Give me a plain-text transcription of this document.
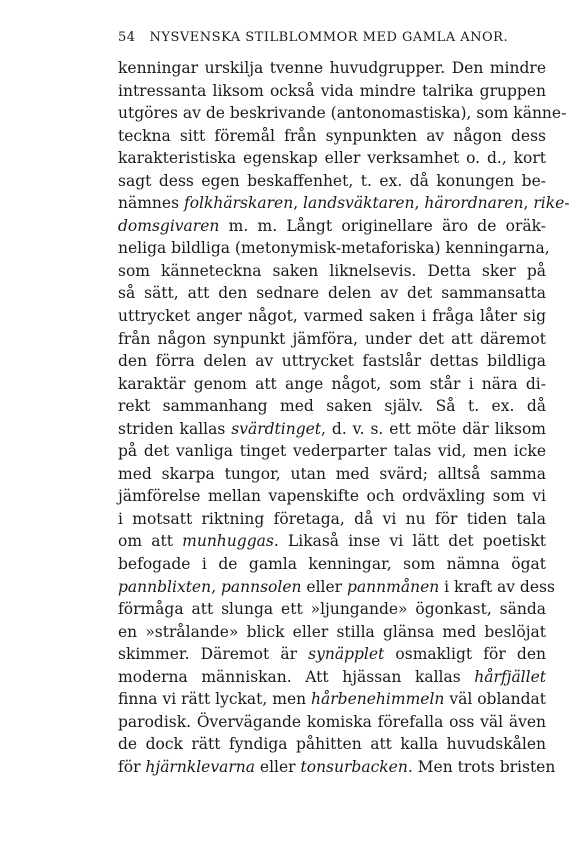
54 NYSVENSKA STILBLOMMOR MED GAMLA ANOR.
kenningar urskilja tvenne huvudgrupper. Den mindre
intressanta liksom också vida mindre talrika gruppen
utgöres av de beskrivande (antonomastiska), som känne-
teckna sitt föremål från synpunkten av någon dess
karakteristiska egenskap eller verksamhet o. d., kort
sagt dess egen beskaffenhet, t. ex. då konungen be-
nämnes folkhärskaren, landsväktaren, härordnaren, rike-
domsgivaren m. m. Långt originellare äro de oräk-
neliga bildliga (metonymisk-metaforiska) kenningarna,
som känneteckna saken liknelsevis. Detta sker på
så sätt, att den sednare delen av det sammansatta
uttrycket anger något, varmed saken i fråga låter sig
från någon synpunkt jämföra, under det att däremot
den förra delen av uttrycket fastslår dettas bildliga
karaktär genom att ange något, som står i nära di-
rekt sammanhang med saken själv. Så t. ex. då
striden kallas svärdtinget, d. v. s. ett möte där liksom
på det vanliga tinget vederparter talas vid, men icke
med skarpa tungor, utan med svärd; alltså samma
jämförelse mellan vapenskifte och ordväxling som vi
i motsatt riktning företaga, då vi nu för tiden tala
om att munhuggas. Likaså inse vi lätt det poetiskt
befogade i de gamla kenningar, som nämna ögat
pannblixten, pannsolen eller pannmånen i kraft av dess
förmåga att slunga ett »ljungande» ögonkast, sända
en »strålande» blick eller stilla glänsa med beslöjat
skimmer. Däremot är synäpplet osmakligt för den
moderna människan. Att hjässan kallas hårfjället
finna vi rätt lyckat, men hårbenehimmeln väl oblandat
parodisk. Övervägande komiska förefalla oss väl även
de dock rätt fyndiga påhitten att kalla huvudskålen
för hjärnklevarna eller tonsurbacken. Men trots bristen
